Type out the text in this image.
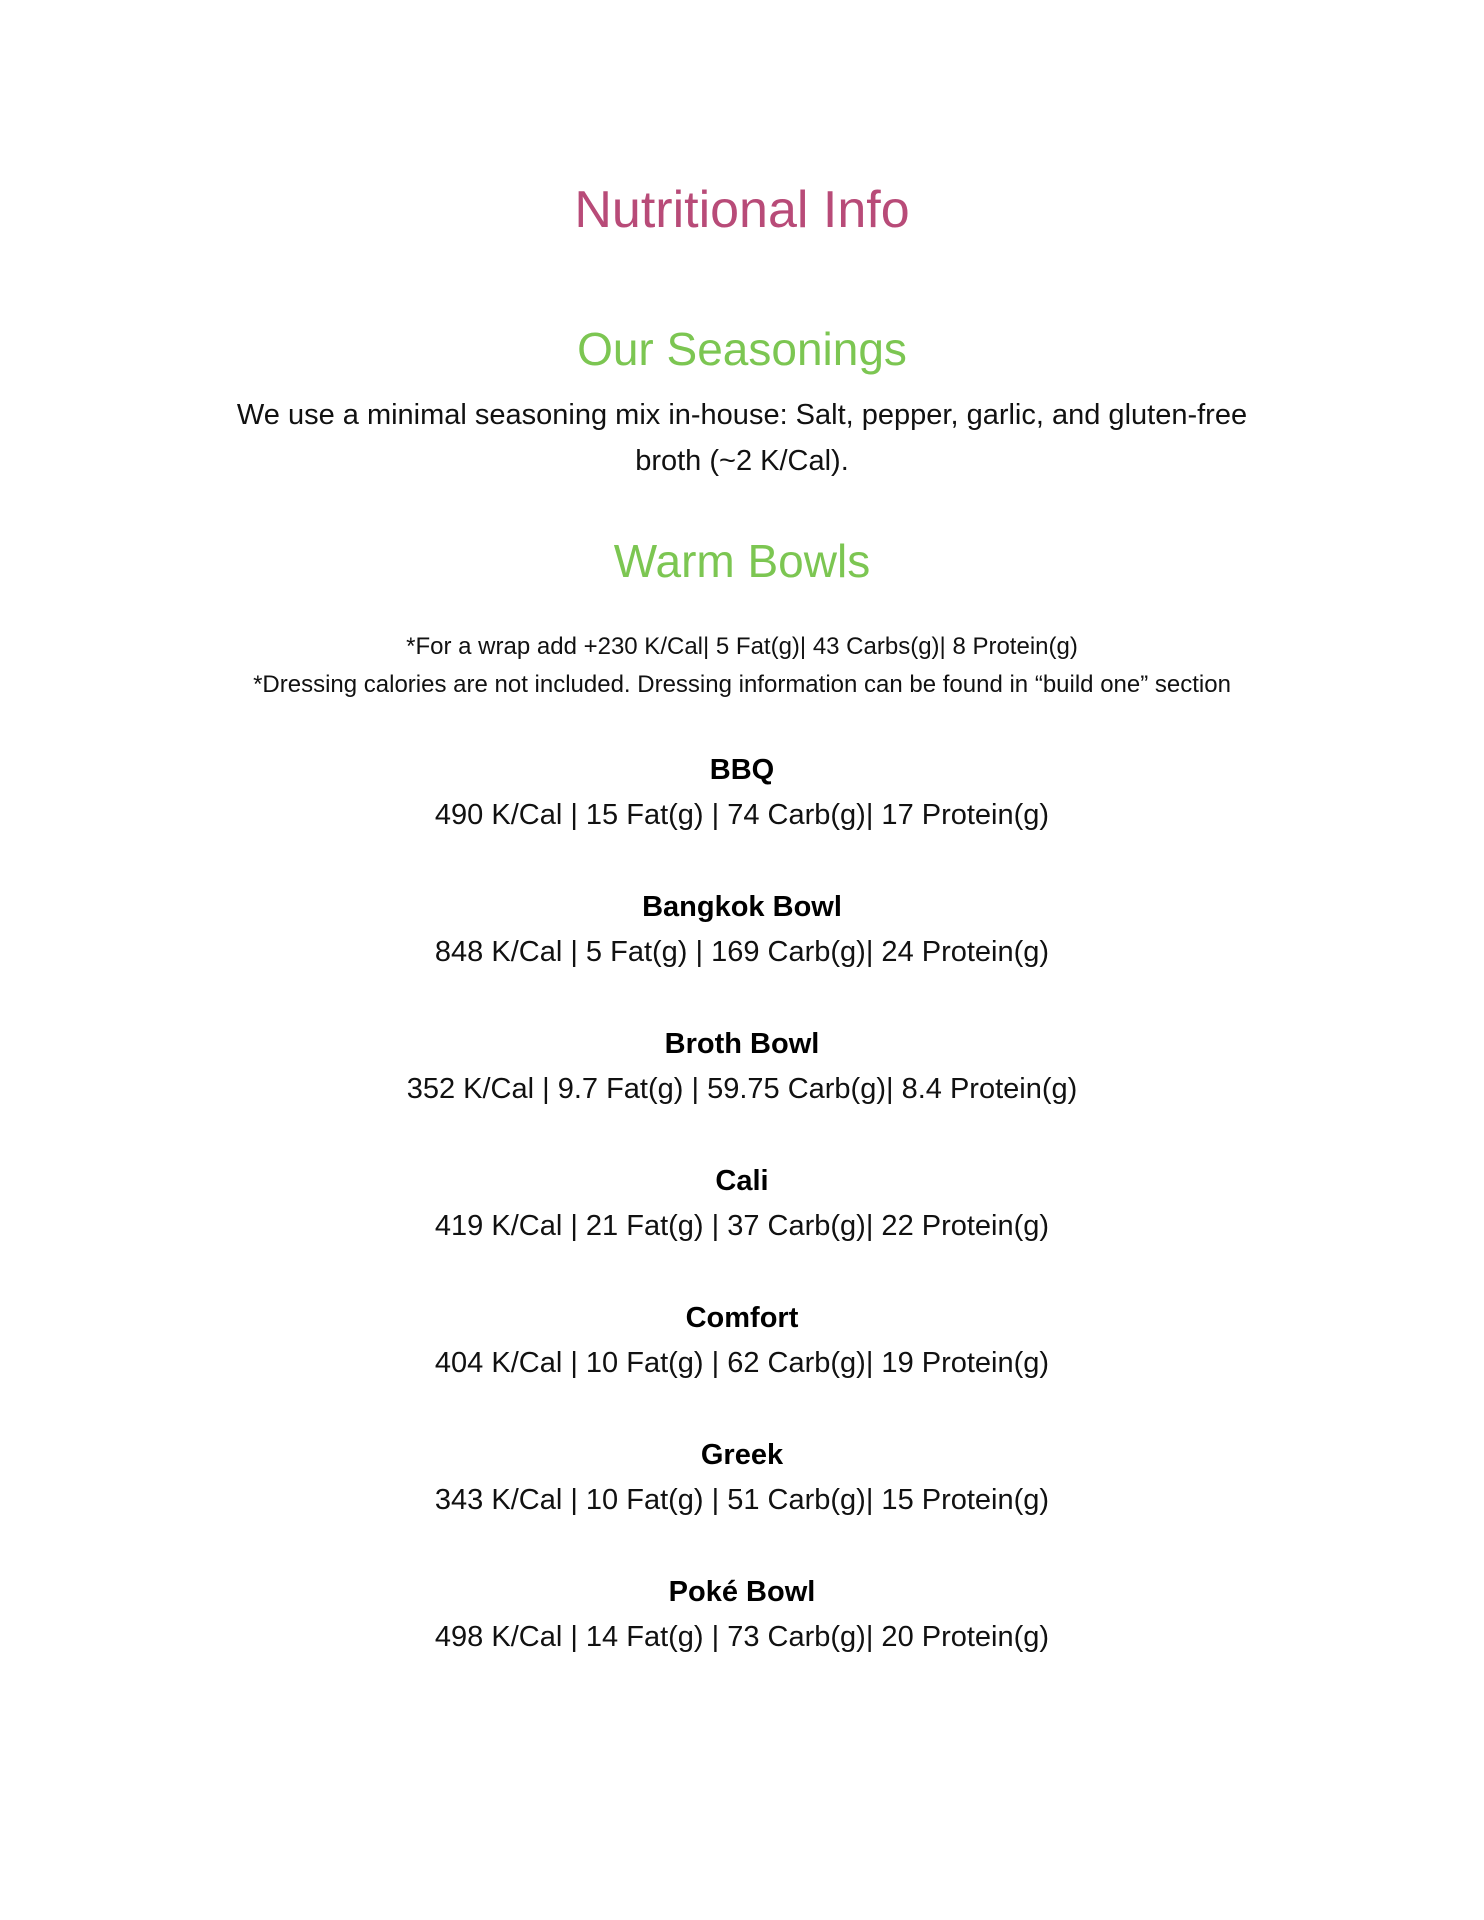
Nutritional Info
Our Seasonings

We use a minimal seasoning mix in-house: Salt, pepper, garlic, and gluten-free broth (~2 K/Cal).

Warm Bowls
*For a wrap add +230 K/Cal| 5 Fat(g)| 43 Carbs(g)| 8 Protein(g)
*Dressing calories are not included. Dressing information can be found in “build one” section
BBQ
490 K/Cal | 15 Fat(g) | 74 Carb(g)| 17 Protein(g)
Bangkok Bowl
848 K/Cal | 5 Fat(g) | 169 Carb(g)| 24 Protein(g)
Broth Bowl
352 K/Cal | 9.7 Fat(g) | 59.75 Carb(g)| 8.4 Protein(g)
Cali
419 K/Cal | 21 Fat(g) | 37 Carb(g)| 22 Protein(g)
Comfort
404 K/Cal | 10 Fat(g) | 62 Carb(g)| 19 Protein(g)
Greek
343 K/Cal | 10 Fat(g) | 51 Carb(g)| 15 Protein(g)
Poké Bowl
498 K/Cal | 14 Fat(g) | 73 Carb(g)| 20 Protein(g)
